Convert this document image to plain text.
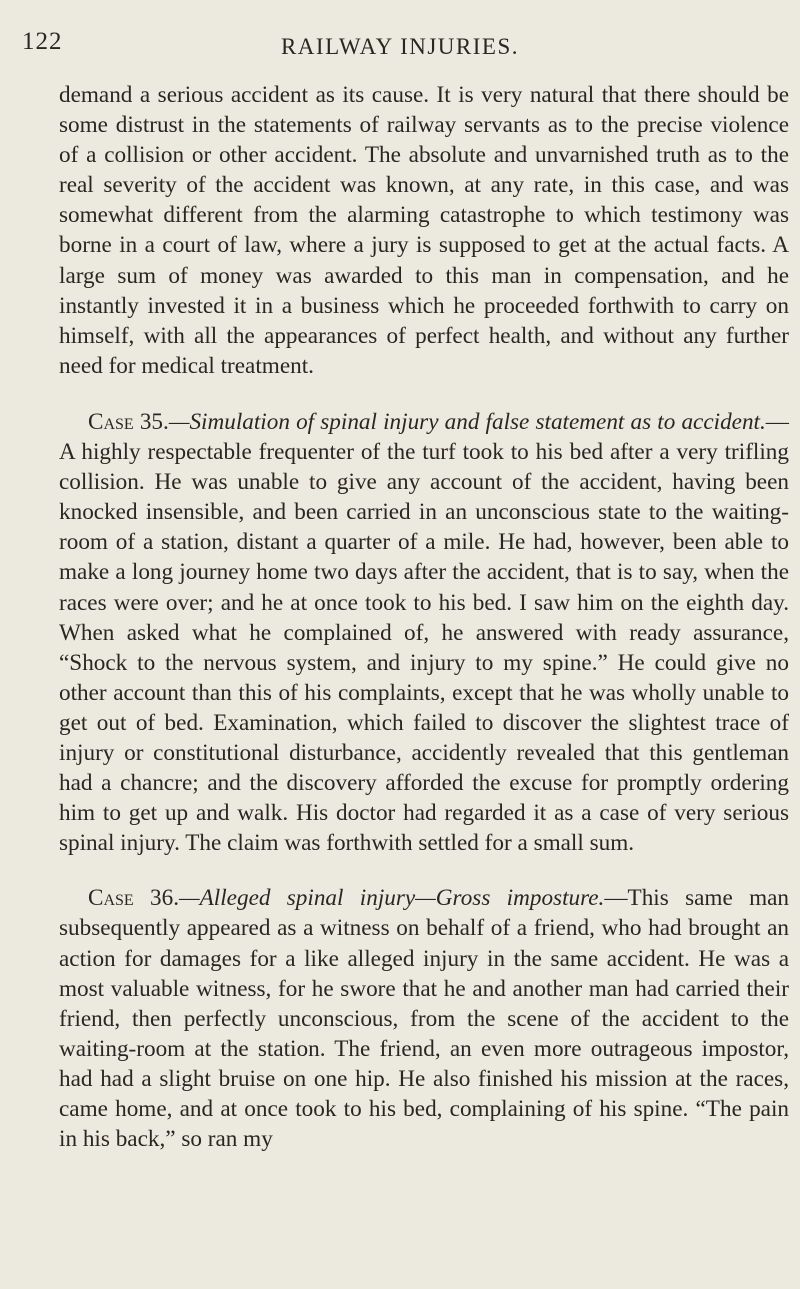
122	RAILWAY INJURIES.

demand a serious accident as its cause. It is very natural that there should be some distrust in the statements of railway servants as to the precise violence of a collision or other accident. The absolute and unvarnished truth as to the real severity of the accident was known, at any rate, in this case, and was somewhat different from the alarming catastrophe to which testimony was borne in a court of law, where a jury is supposed to get at the actual facts. A large sum of money was awarded to this man in compensation, and he instantly invested it in a business which he proceeded forthwith to carry on himself, with all the appearances of perfect health, and without any further need for medical treatment.

Case 35.—Simulation of spinal injury and false statement as to accident.—A highly respectable frequenter of the turf took to his bed after a very trifling collision. He was unable to give any account of the accident, having been knocked insensible, and been carried in an unconscious state to the waiting-room of a station, distant a quarter of a mile. He had, however, been able to make a long journey home two days after the accident, that is to say, when the races were over; and he at once took to his bed. I saw him on the eighth day. When asked what he complained of, he answered with ready assurance, “Shock to the nervous system, and injury to my spine.” He could give no other account than this of his complaints, except that he was wholly unable to get out of bed. Examination, which failed to discover the slightest trace of injury or constitutional disturbance, accidently revealed that this gentleman had a chancre; and the discovery afforded the excuse for promptly ordering him to get up and walk. His doctor had regarded it as a case of very serious spinal injury. The claim was forthwith settled for a small sum.

Case 36.—Alleged spinal injury—Gross imposture.—This same man subsequently appeared as a witness on behalf of a friend, who had brought an action for damages for a like alleged injury in the same accident. He was a most valuable witness, for he swore that he and another man had carried their friend, then perfectly unconscious, from the scene of the accident to the waiting-room at the station. The friend, an even more outrageous impostor, had had a slight bruise on one hip. He also finished his mission at the races, came home, and at once took to his bed, complaining of his spine. “The pain in his back,” so ran my
